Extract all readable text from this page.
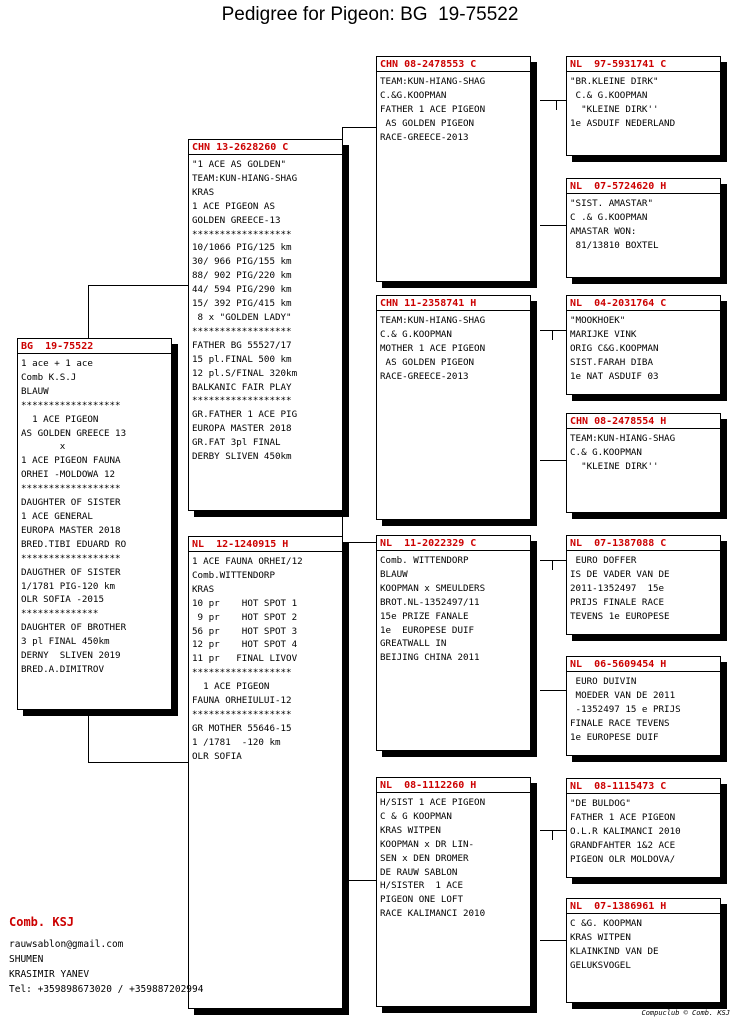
Pedigree for Pigeon: BG  19-75522
BG  19-75522
1 ace + 1 ace
Comb K.S.J
BLAUW
******************
1 ACE PIGEON
AS GOLDEN GREECE 13
x
1 ACE PIGEON FAUNA
ORHEI -MOLDOWA 12
******************
DAUGHTER OF SISTER
1 ACE GENERAL
EUROPA MASTER 2018
BRED.TIBI EDUARD RO
******************
DAUGTHER OF SISTER
1/1781 PIG-120 km
OLR SOFIA -2015
**************
DAUGHTER OF BROTHER
3 pl FINAL 450km
DERNY  SLIVEN 2019
BRED.A.DIMITROV
CHN 13-2628260 C
"1 ACE AS GOLDEN"
TEAM:KUN-HIANG-SHAG
KRAS
1 ACE PIGEON AS
GOLDEN GREECE-13
******************
10/1066 PIG/125 km
30/ 966 PIG/155 km
88/ 902 PIG/220 km
44/ 594 PIG/290 km
15/ 392 PIG/415 km
8 x "GOLDEN LADY"
******************
FATHER BG 55527/17
15 pl.FINAL 500 km
12 pl.S/FINAL 320km
BALKANIC FAIR PLAY
******************
GR.FATHER 1 ACE PIG
EUROPA MASTER 2018
GR.FAT 3pl FINAL
DERBY SLIVEN 450km
NL  12-1240915 H
1 ACE FAUNA ORHEI/12
Comb.WITTENDORP
KRAS
10 pr    HOT SPOT 1
9 pr    HOT SPOT 2
56 pr    HOT SPOT 3
12 pr    HOT SPOT 4
11 pr   FINAL LIVOV
******************
1 ACE PIGEON
FAUNA ORHEIULUI-12
******************
GR MOTHER 55646-15
1 /1781  -120 km
OLR SOFIA
CHN 08-2478553 C
TEAM:KUN-HIANG-SHAG
C.&G.KOOPMAN
FATHER 1 ACE PIGEON
AS GOLDEN PIGEON
RACE-GREECE-2013
CHN 11-2358741 H
TEAM:KUN-HIANG-SHAG
C.& G.KOOPMAN
MOTHER 1 ACE PIGEON
AS GOLDEN PIGEON
RACE-GREECE-2013
NL  11-2022329 C
Comb. WITTENDORP
BLAUW
KOOPMAN x SMEULDERS
BROT.NL-1352497/11
15e PRIZE FANALE
1e  EUROPESE DUIF
GREATWALL IN
BEIJING CHINA 2011
NL  08-1112260 H
H/SIST 1 ACE PIGEON
C & G KOOPMAN
KRAS WITPEN
KOOPMAN x DR LIN-
SEN x DEN DROMER
DE RAUW SABLON
H/SISTER  1 ACE
PIGEON ONE LOFT
RACE KALIMANCI 2010
NL  97-5931741 C
"BR.KLEINE DIRK"
C.& G.KOOPMAN
"KLEINE DIRK''
1e ASDUIF NEDERLAND
NL  07-5724620 H
"SIST. AMASTAR"
C .& G.KOOPMAN
AMASTAR WON:
81/13810 BOXTEL
NL  04-2031764 C
"MOOKHOEK"
MARIJKE VINK
ORIG C&G.KOOPMAN
SIST.FARAH DIBA
1e NAT ASDUIF 03
CHN 08-2478554 H
TEAM:KUN-HIANG-SHAG
C.& G.KOOPMAN
"KLEINE DIRK''
NL  07-1387088 C
EURO DOFFER
IS DE VADER VAN DE
2011-1352497  15e
PRIJS FINALE RACE
TEVENS 1e EUROPESE
NL  06-5609454 H
EURO DUIVIN
MOEDER VAN DE 2011
-1352497 15 e PRIJS
FINALE RACE TEVENS
1e EUROPESE DUIF
NL  08-1115473 C
"DE BULDOG"
FATHER 1 ACE PIGEON
O.L.R KALIMANCI 2010
GRANDFAHTER 1&2 ACE
PIGEON OLR MOLDOVA/
NL  07-1386961 H
C &G. KOOPMAN
KRAS WITPEN
KLAINKIND VAN DE
GELUKSVOGEL
Comb. KSJ
rauwsablon@gmail.com
SHUMEN
KRASIMIR YANEV
Tel: +359898673020 / +359887202994
Compuclub © Comb. KSJ
